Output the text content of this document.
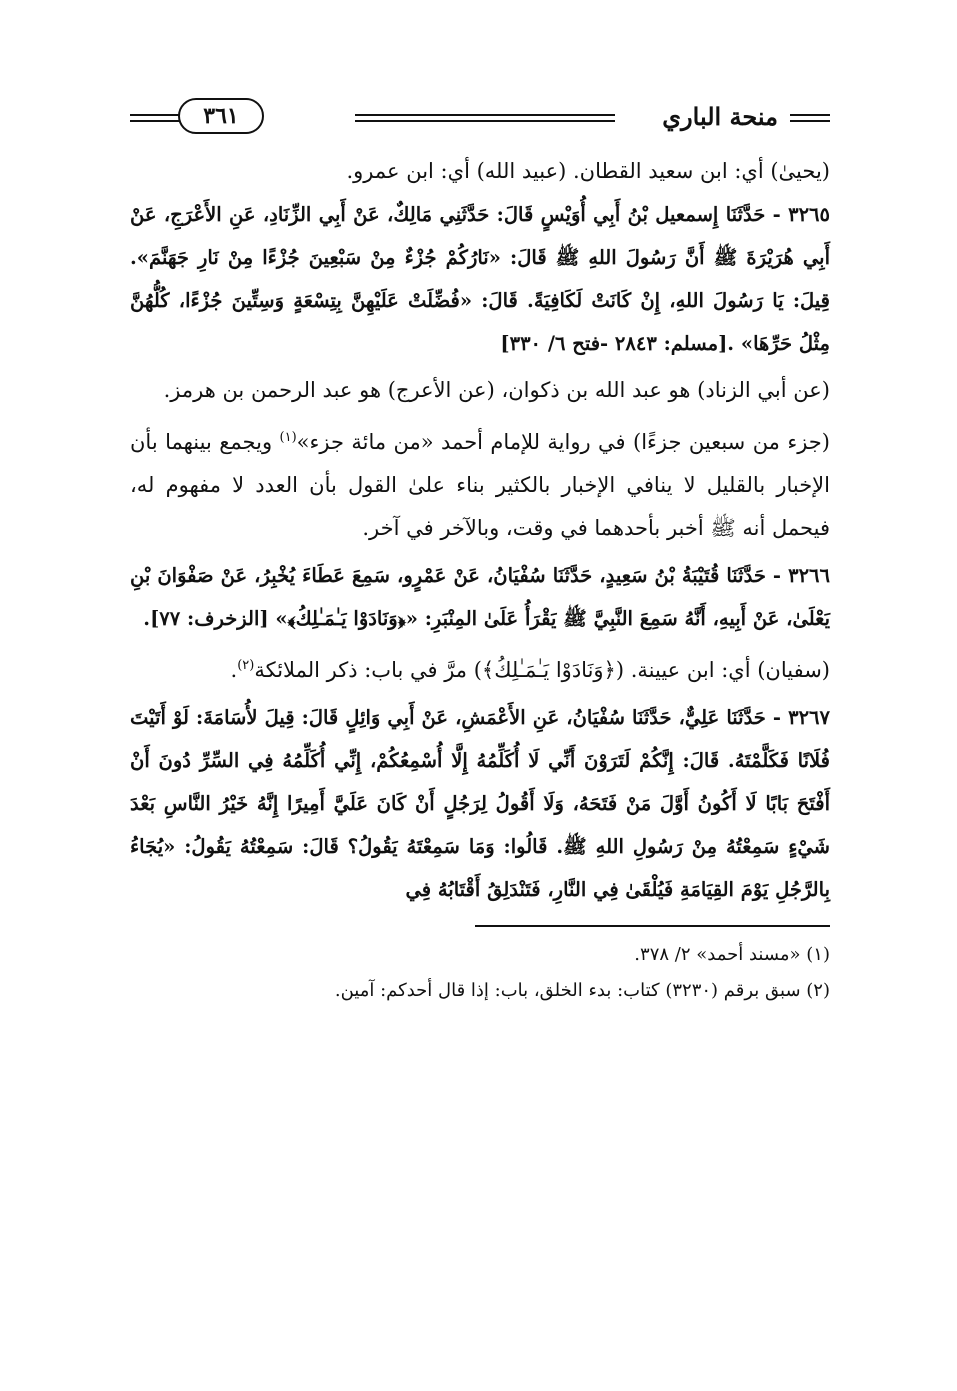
منحة الباري
٣٦١

(يحيىٰ) أي: ابن سعيد القطان. (عبيد الله) أي: ابن عمرو.

٣٢٦٥ - حَدَّثَنَا إِسمعيل بْنُ أَبِي أُوَيْسٍ قَالَ: حَدَّثَنِي مَالِكٌ، عَنْ أَبِي الزِّنَادِ، عَنِ الأَعْرَجِ، عَنْ أَبِي هُرَيْرَةَ ﷺ أَنَّ رَسُولَ اللهِ ﷺ قَالَ: «نَارُكُمْ جُزْءٌ مِنْ سَبْعِينَ جُزْءًا مِنْ نَارِ جَهَنَّمَ». قِيلَ: يَا رَسُولَ اللهِ، إِنْ كَانَتْ لَكَافِيَةً. قَالَ: «فُضِّلَتْ عَلَيْهِنَّ بِتِسْعَةٍ وَسِتِّينَ جُزْءًا، كُلُّهُنَّ مِثْلُ حَرِّهَا» .[مسلم: ٢٨٤٣ -فتح ٦/ ٣٣٠]

(عن أبي الزناد) هو عبد الله بن ذكوان، (عن الأعرج) هو عبد الرحمن بن هرمز.

(جزء من سبعين جزءًا) في رواية للإمام أحمد «من مائة جزء»$^{(١)}$ ويجمع بينهما بأن الإخبار بالقليل لا ينافي الإخبار بالكثير بناء علىٰ القول بأن العدد لا مفهوم له، فيحمل أنه ﷺ أخبر بأحدهما في وقت، وبالآخر في آخر.

٣٢٦٦ - حَدَّثَنَا قُتَيْبَةُ بْنُ سَعِيدٍ، حَدَّثَنَا سُفْيَانُ، عَنْ عَمْرٍو، سَمِعَ عَطَاءَ يُخْبِرُ، عَنْ صَفْوَانَ بْنِ يَعْلَىٰ، عَنْ أَبِيهِ، أَنَّهُ سَمِعَ النَّبِيَّ ﷺ يَقْرَأُ عَلَىٰ المِنْبَرِ: «﴿وَنَادَوْا يَـٰمَـٰلِكُ﴾» [الزخرف: ٧٧].

(سفيان) أي: ابن عيينة. (﴿وَنَادَوْا يَـٰمَـٰلِكُ﴾) مرَّ في باب: ذكر الملائكة$^{(٢)}$.

٣٢٦٧ - حَدَّثَنَا عَلِيٌّ، حَدَّثَنَا سُفْيَانُ، عَنِ الأَعْمَشِ، عَنْ أَبِي وَائِلٍ قَالَ: قِيلَ لأُسَامَةَ: لَوْ أَتَيْتَ فُلَانًا فَكَلَّمْتَهُ. قَالَ: إِنَّكُمْ لَتَرَوْنَ أَنِّي لَا أُكَلِّمُهُ إِلَّا أُسْمِعُكُمْ، إِنِّي أُكَلِّمُهُ فِي السِّرِّ دُونَ أَنْ أَفْتَحَ بَابًا لَا أَكُونُ أَوَّلَ مَنْ فَتَحَهُ، وَلَا أَقُولُ لِرَجُلٍ أَنْ كَانَ عَلَيَّ أَمِيرًا إِنَّهُ خَيْرُ النَّاسِ بَعْدَ شَيْءٍ سَمِعْتُهُ مِنْ رَسُولِ اللهِ ﷺ. قَالُوا: وَمَا سَمِعْتَهُ يَقُولُ؟ قَالَ: سَمِعْتُهُ يَقُولُ: «يُجَاءُ بِالرَّجُلِ يَوْمَ القِيَامَةِ فَيُلْقَىٰ فِي النَّارِ، فَتَنْدَلِقُ أَقْتَابُهُ فِي

(١) «مسند أحمد» ٢/ ٣٧٨.

(٢) سبق برقم (٣٢٣٠) كتاب: بدء الخلق، باب: إذا قال أحدكم: آمين.
